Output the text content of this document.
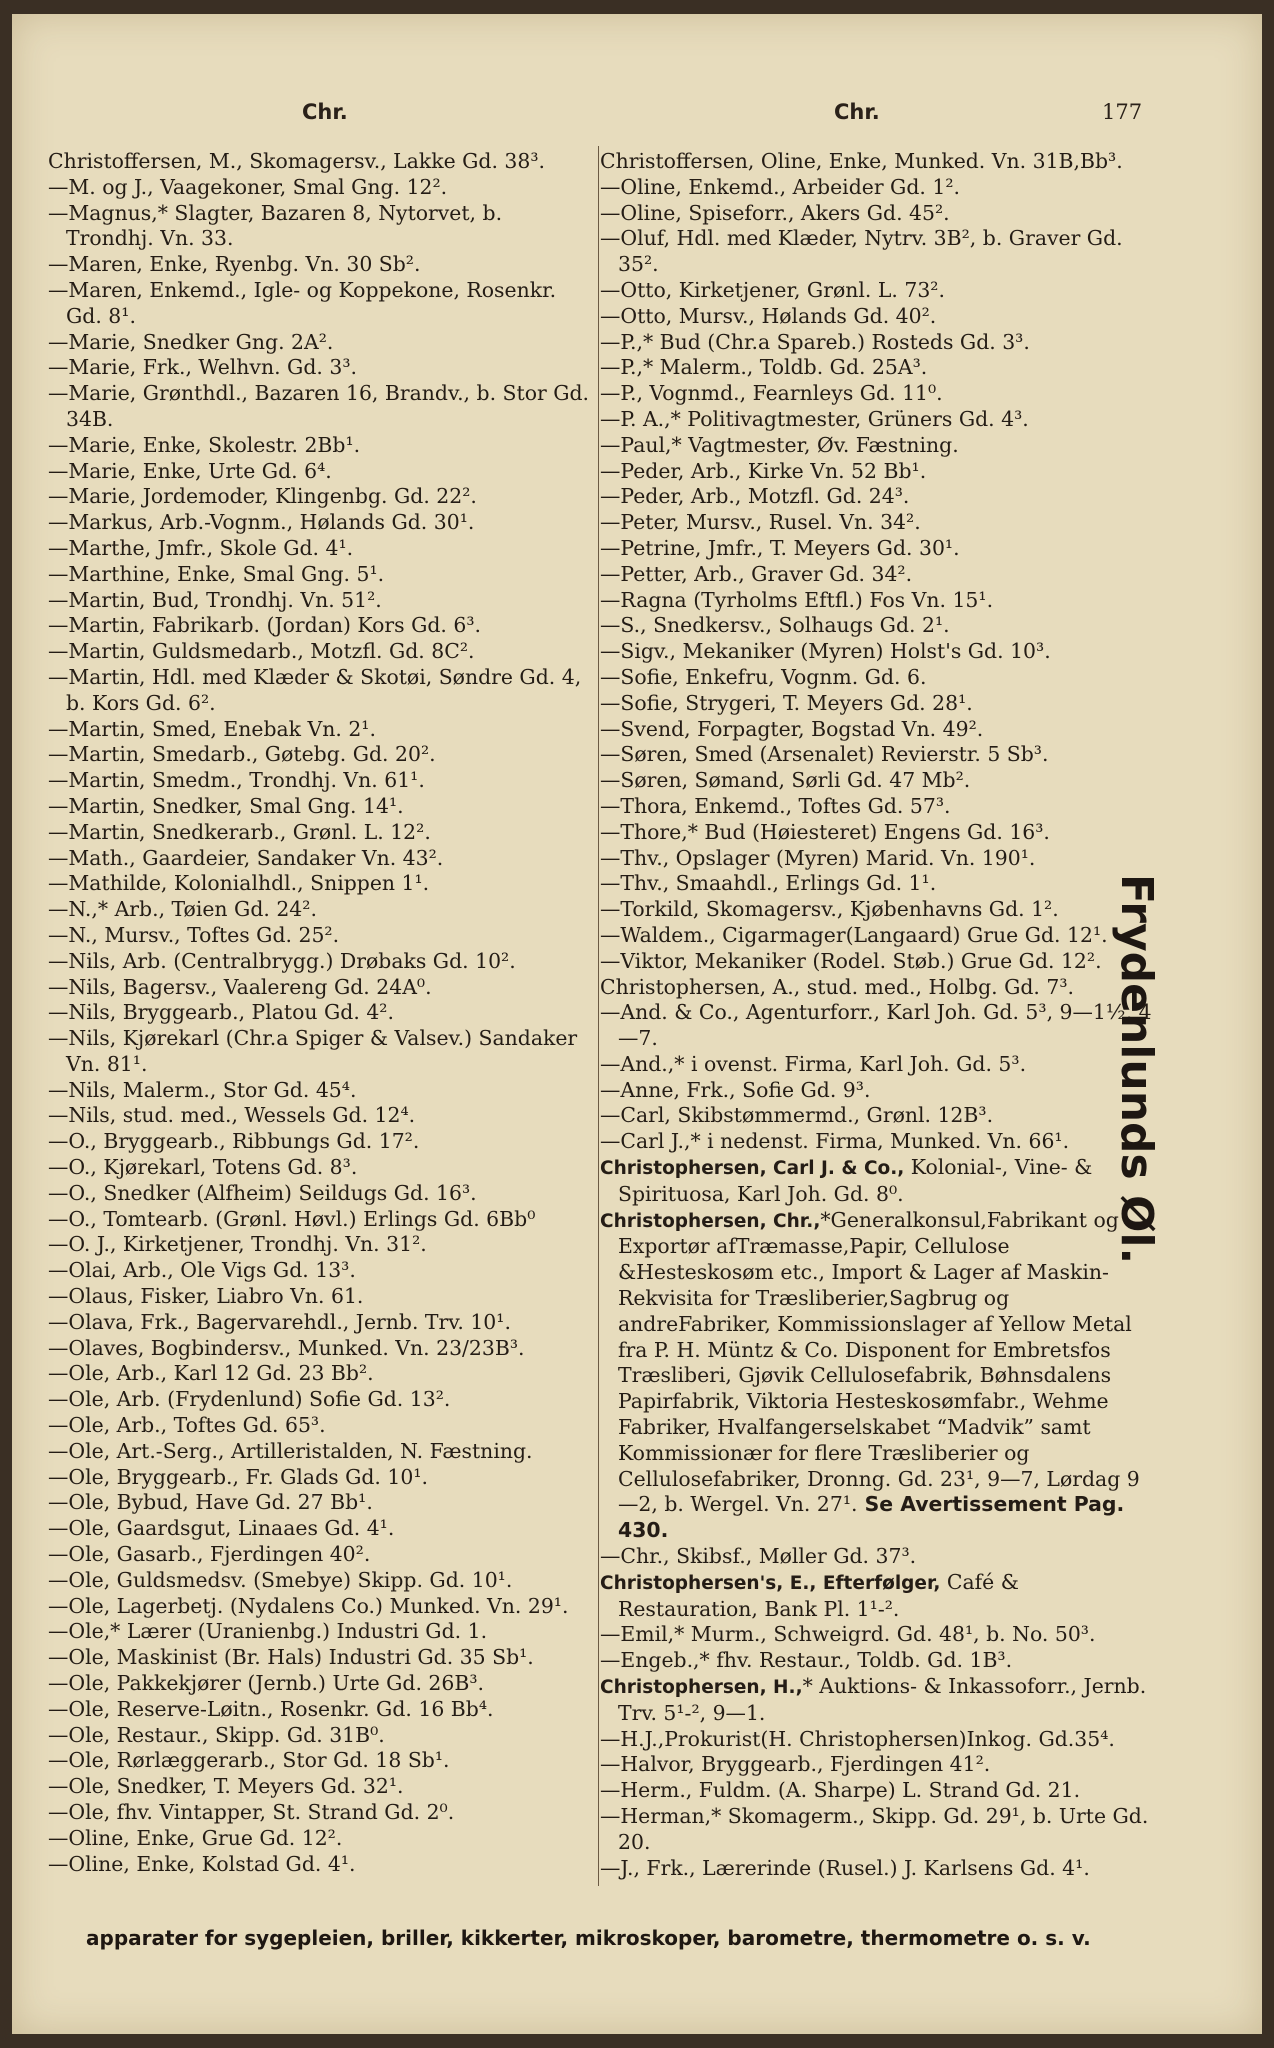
Chr.	Chr.	177
Christoffersen, M., Skomagersv., Lakke Gd. 38³.
—M. og J., Vaagekoner, Smal Gng. 12².
—Magnus,* Slagter, Bazaren 8, Nytorvet, b. Trondhj. Vn. 33.
—Maren, Enke, Ryenbg. Vn. 30 Sb².
—Maren, Enkemd., Igle- og Koppekone, Rosenkr. Gd. 8¹.
—Marie, Snedker Gng. 2A².
—Marie, Frk., Welhvn. Gd. 3³.
—Marie, Grønthdl., Bazaren 16, Brandv., b. Stor Gd. 34B.
—Marie, Enke, Skolestr. 2Bb¹.
—Marie, Enke, Urte Gd. 6⁴.
—Marie, Jordemoder, Klingenbg. Gd. 22².
—Markus, Arb.-Vognm., Hølands Gd. 30¹.
—Marthe, Jmfr., Skole Gd. 4¹.
—Marthine, Enke, Smal Gng. 5¹.
—Martin, Bud, Trondhj. Vn. 51².
—Martin, Fabrikarb. (Jordan) Kors Gd. 6³.
—Martin, Guldsmedarb., Motzfl. Gd. 8C².
—Martin, Hdl. med Klæder & Skotøi, Søndre Gd. 4, b. Kors Gd. 6².
—Martin, Smed, Enebak Vn. 2¹.
—Martin, Smedarb., Gøtebg. Gd. 20².
—Martin, Smedm., Trondhj. Vn. 61¹.
—Martin, Snedker, Smal Gng. 14¹.
—Martin, Snedkerarb., Grønl. L. 12².
—Math., Gaardeier, Sandaker Vn. 43².
—Mathilde, Kolonialhdl., Snippen 1¹.
—N.,* Arb., Tøien Gd. 24².
—N., Mursv., Toftes Gd. 25².
—Nils, Arb. (Centralbrygg.) Drøbaks Gd. 10².
—Nils, Bagersv., Vaalereng Gd. 24A⁰.
—Nils, Bryggearb., Platou Gd. 4².
—Nils, Kjørekarl (Chr.a Spiger & Valsev.) Sandaker Vn. 81¹.
—Nils, Malerm., Stor Gd. 45⁴.
—Nils, stud. med., Wessels Gd. 12⁴.
—O., Bryggearb., Ribbungs Gd. 17².
—O., Kjørekarl, Totens Gd. 8³.
—O., Snedker (Alfheim) Seildugs Gd. 16³.
—O., Tomtearb. (Grønl. Høvl.) Erlings Gd. 6Bb⁰
—O. J., Kirketjener, Trondhj. Vn. 31².
—Olai, Arb., Ole Vigs Gd. 13³.
—Olaus, Fisker, Liabro Vn. 61.
—Olava, Frk., Bagervarehdl., Jernb. Trv. 10¹.
—Olaves, Bogbindersv., Munked. Vn. 23/23B³.
—Ole, Arb., Karl 12 Gd. 23 Bb².
—Ole, Arb. (Frydenlund) Sofie Gd. 13².
—Ole, Arb., Toftes Gd. 65³.
—Ole, Art.-Serg., Artilleristalden, N. Fæstning.
—Ole, Bryggearb., Fr. Glads Gd. 10¹.
—Ole, Bybud, Have Gd. 27 Bb¹.
—Ole, Gaardsgut, Linaaes Gd. 4¹.
—Ole, Gasarb., Fjerdingen 40².
—Ole, Guldsmedsv. (Smebye) Skipp. Gd. 10¹.
—Ole, Lagerbetj. (Nydalens Co.) Munked. Vn. 29¹.
—Ole,* Lærer (Uranienbg.) Industri Gd. 1.
—Ole, Maskinist (Br. Hals) Industri Gd. 35 Sb¹.
—Ole, Pakkekjører (Jernb.) Urte Gd. 26B³.
—Ole, Reserve-Løitn., Rosenkr. Gd. 16 Bb⁴.
—Ole, Restaur., Skipp. Gd. 31B⁰.
—Ole, Rørlæggerarb., Stor Gd. 18 Sb¹.
—Ole, Snedker, T. Meyers Gd. 32¹.
—Ole, fhv. Vintapper, St. Strand Gd. 2⁰.
—Oline, Enke, Grue Gd. 12².
—Oline, Enke, Kolstad Gd. 4¹.
Christoffersen, Oline, Enke, Munked. Vn. 31B,Bb³.
—Oline, Enkemd., Arbeider Gd. 1².
—Oline, Spiseforr., Akers Gd. 45².
—Oluf, Hdl. med Klæder, Nytrv. 3B², b. Graver Gd. 35².
—Otto, Kirketjener, Grønl. L. 73².
—Otto, Mursv., Hølands Gd. 40².
—P.,* Bud (Chr.a Spareb.) Rosteds Gd. 3³.
—P.,* Malerm., Toldb. Gd. 25A³.
—P., Vognmd., Fearnleys Gd. 11⁰.
—P. A.,* Politivagtmester, Grüners Gd. 4³.
—Paul,* Vagtmester, Øv. Fæstning.
—Peder, Arb., Kirke Vn. 52 Bb¹.
—Peder, Arb., Motzfl. Gd. 24³.
—Peter, Mursv., Rusel. Vn. 34².
—Petrine, Jmfr., T. Meyers Gd. 30¹.
—Petter, Arb., Graver Gd. 34².
—Ragna (Tyrholms Eftfl.) Fos Vn. 15¹.
—S., Snedkersv., Solhaugs Gd. 2¹.
—Sigv., Mekaniker (Myren) Holst's Gd. 10³.
—Sofie, Enkefru, Vognm. Gd. 6.
—Sofie, Strygeri, T. Meyers Gd. 28¹.
—Svend, Forpagter, Bogstad Vn. 49².
—Søren, Smed (Arsenalet) Revierstr. 5 Sb³.
—Søren, Sømand, Sørli Gd. 47 Mb².
—Thora, Enkemd., Toftes Gd. 57³.
—Thore,* Bud (Høiesteret) Engens Gd. 16³.
—Thv., Opslager (Myren) Marid. Vn. 190¹.
—Thv., Smaahdl., Erlings Gd. 1¹.
—Torkild, Skomagersv., Kjøbenhavns Gd. 1².
—Waldem., Cigarmager(Langaard) Grue Gd. 12¹.
—Viktor, Mekaniker (Rodel. Støb.) Grue Gd. 12².
Christophersen, A., stud. med., Holbg. Gd. 7³.
—And. & Co., Agenturforr., Karl Joh. Gd. 5³, 9—1½, 4—7.
—And.,* i ovenst. Firma, Karl Joh. Gd. 5³.
—Anne, Frk., Sofie Gd. 9³.
—Carl, Skibstømmermd., Grønl. 12B³.
—Carl J.,* i nedenst. Firma, Munked. Vn. 66¹.
Christophersen, Carl J. & Co., Kolonial-, Vine- & Spirituosa, Karl Joh. Gd. 8⁰.
Christophersen, Chr.,*Generalkonsul,Fabrikant og Exportør afTræmasse,Papir, Cellulose &Hesteskosøm etc., Import & Lager af Maskin-Rekvisita for Træsliberier,Sagbrug og andreFabriker, Kommissionslager af Yellow Metal fra P. H. Müntz & Co. Disponent for Embretsfos Træsliberi, Gjøvik Cellulosefabrik, Bøhnsdalens Papirfabrik, Viktoria Hesteskosømfabr., Wehme Fabriker, Hvalfangerselskabet “Madvik” samt Kommissionær for flere Træsliberier og Cellulosefabriker, Dronng. Gd. 23¹, 9—7, Lørdag 9—2, b. Wergel. Vn. 27¹. Se Avertissement Pag. 430.
—Chr., Skibsf., Møller Gd. 37³.
Christophersen's, E., Efterfølger, Café & Restauration, Bank Pl. 1¹-².
—Emil,* Murm., Schweigrd. Gd. 48¹, b. No. 50³.
—Engeb.,* fhv. Restaur., Toldb. Gd. 1B³.
Christophersen, H.,* Auktions- & Inkassoforr., Jernb. Trv. 5¹-², 9—1.
—H.J.,Prokurist(H. Christophersen)Inkog. Gd.35⁴.
—Halvor, Bryggearb., Fjerdingen 41².
—Herm., Fuldm. (A. Sharpe) L. Strand Gd. 21.
—Herman,* Skomagerm., Skipp. Gd. 29¹, b. Urte Gd. 20.
—J., Frk., Lærerinde (Rusel.) J. Karlsens Gd. 4¹.
Frydenlunds Øl.
apparater for sygepleien, briller, kikkerter, mikroskoper, barometre, thermometre o. s. v.
